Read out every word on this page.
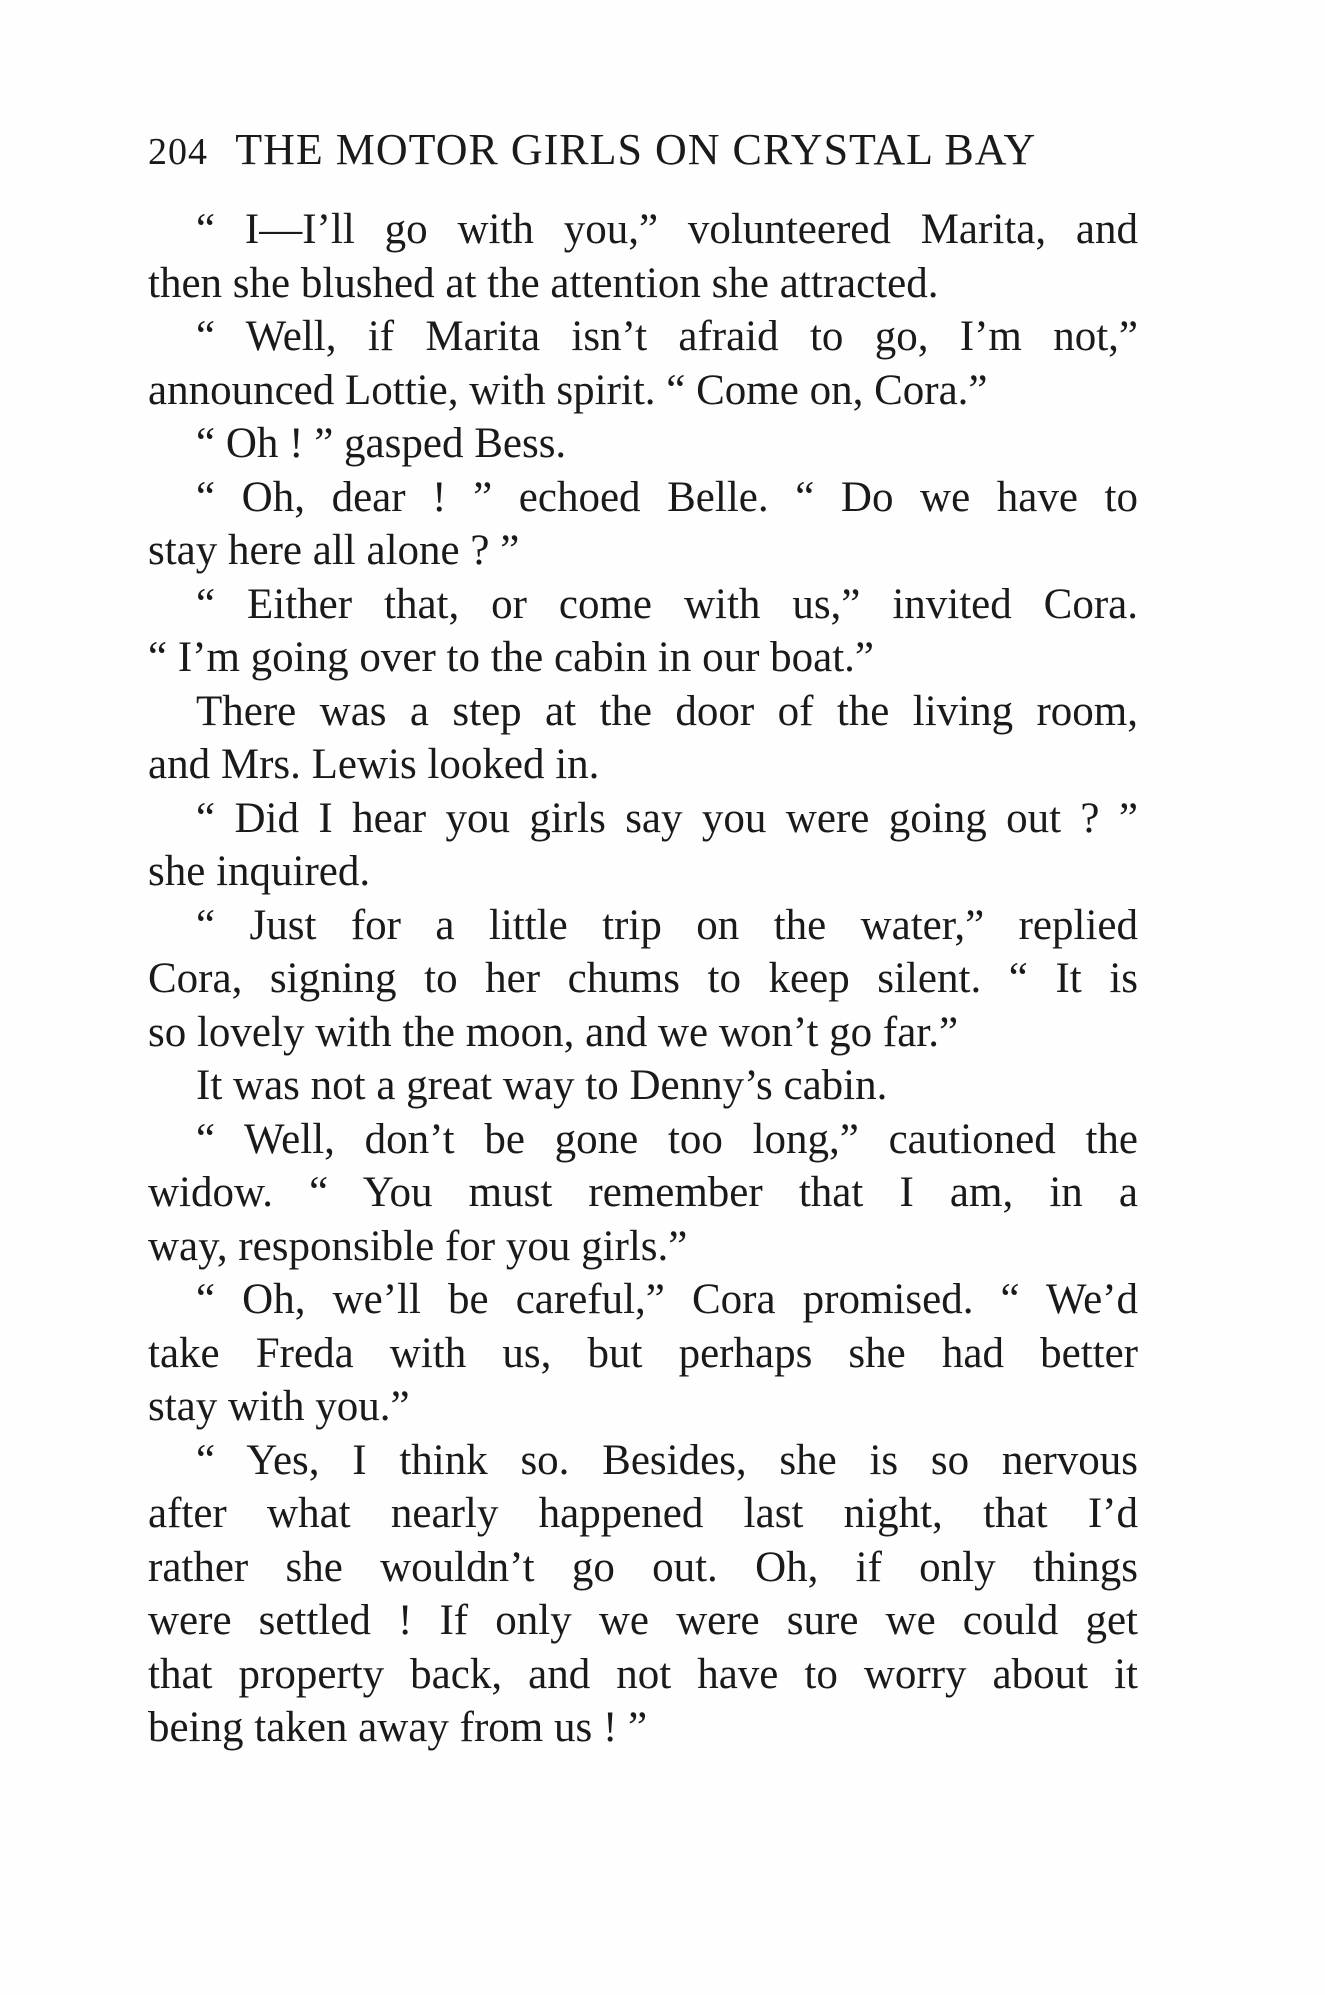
204 THE MOTOR GIRLS ON CRYSTAL BAY
“ I—I’ll go with you,” volunteered Marita, and
then she blushed at the attention she attracted.
“ Well, if Marita isn’t afraid to go, I’m not,”
announced Lottie, with spirit. “ Come on, Cora.”
“ Oh ! ” gasped Bess.
“ Oh, dear ! ” echoed Belle. “ Do we have to
stay here all alone ? ”
“ Either that, or come with us,” invited Cora.
“ I’m going over to the cabin in our boat.”
There was a step at the door of the living room,
and Mrs. Lewis looked in.
“ Did I hear you girls say you were going out ? ”
she inquired.
“ Just for a little trip on the water,” replied
Cora, signing to her chums to keep silent. “ It is
so lovely with the moon, and we won’t go far.”
It was not a great way to Denny’s cabin.
“ Well, don’t be gone too long,” cautioned the
widow. “ You must remember that I am, in a
way, responsible for you girls.”
“ Oh, we’ll be careful,” Cora promised. “ We’d
take Freda with us, but perhaps she had better
stay with you.”
“ Yes, I think so. Besides, she is so nervous
after what nearly happened last night, that I’d
rather she wouldn’t go out. Oh, if only things
were settled ! If only we were sure we could get
that property back, and not have to worry about it
being taken away from us ! ”
